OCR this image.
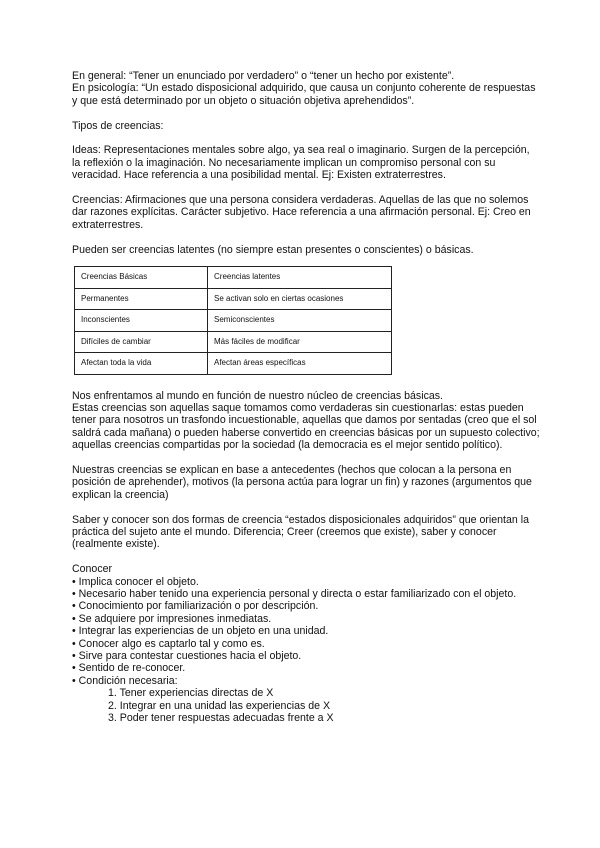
En general: “Tener un enunciado por verdadero” o “tener un hecho por existente”.

En psicología: “Un estado disposicional adquirido, que causa un conjunto coherente de respuestas y que está determinado por un objeto o situación objetiva aprehendidos”.

Tipos de creencias:

Ideas: Representaciones mentales sobre algo, ya sea real o imaginario. Surgen de la percepción, la reflexión o la imaginación. No necesariamente implican un compromiso personal con su veracidad. Hace referencia a una posibilidad mental. Ej: Existen extraterrestres.

Creencias: Afirmaciones que una persona considera verdaderas. Aquellas de las que no solemos dar razones explícitas. Carácter subjetivo. Hace referencia a una afirmación personal. Ej: Creo en extraterrestres.

Pueden ser creencias latentes (no siempre estan presentes o conscientes) o básicas.

Creencias Básicas	Creencias latentes
Permanentes	Se activan solo en ciertas ocasiones
Inconscientes	Semiconscientes
Difíciles de cambiar	Más fáciles de modificar
Afectan toda la vida	Afectan áreas específicas

Nos enfrentamos al mundo en función de nuestro núcleo de creencias básicas.

Estas creencias son aquellas saque tomamos como verdaderas sin cuestionarlas: estas pueden tener para nosotros un trasfondo incuestionable, aquellas que damos por sentadas (creo que el sol saldrá cada mañana) o pueden haberse convertido en creencias básicas por un supuesto colectivo; aquellas creencias compartidas por la sociedad (la democracia es el mejor sentido político).

Nuestras creencias se explican en base a antecedentes (hechos que colocan a la persona en posición de aprehender), motivos (la persona actúa para lograr un fin) y razones (argumentos que explican la creencia)

Saber y conocer son dos formas de creencia “estados disposicionales adquiridos” que orientan la práctica del sujeto ante el mundo. Diferencia; Creer (creemos que existe), saber y conocer (realmente existe).

Conocer

• Implica conocer el objeto.
• Necesario haber tenido una experiencia personal y directa o estar familiarizado con el objeto.
• Conocimiento por familiarización o por descripción.
• Se adquiere por impresiones inmediatas.
• Integrar las experiencias de un objeto en una unidad.
• Conocer algo es captarlo tal y como es.
• Sirve para contestar cuestiones hacia el objeto.
• Sentido de re-conocer.
• Condición necesaria:
1. Tener experiencias directas de X
2. Integrar en una unidad las experiencias de X
3. Poder tener respuestas adecuadas frente a X
